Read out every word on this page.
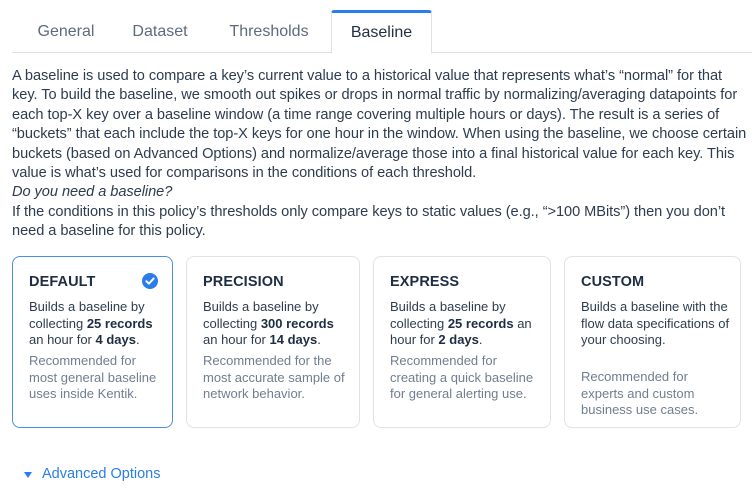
General	Dataset	Thresholds	Baseline

A baseline is used to compare a key’s current value to a historical value that represents what’s “normal” for that key. To build the baseline, we smooth out spikes or drops in normal traffic by normalizing/averaging datapoints for each top-X key over a baseline window (a time range covering multiple hours or days). The result is a series of “buckets” that each include the top-X keys for one hour in the window. When using the baseline, we choose certain buckets (based on Advanced Options) and normalize/average those into a final historical value for each key. This value is what’s used for comparisons in the conditions of each threshold.

Do you need a baseline?

If the conditions in this policy’s thresholds only compare keys to static values (e.g., “>100 MBits”) then you don’t need a baseline for this policy.

DEFAULT
Builds a baseline by collecting 25 records an hour for 4 days.
Recommended for most general baseline uses inside Kentik.
PRECISION
Builds a baseline by collecting 300 records an hour for 14 days.
Recommended for the most accurate sample of network behavior.
EXPRESS
Builds a baseline by collecting 25 records an hour for 2 days.
Recommended for creating a quick baseline for general alerting use.
CUSTOM
Builds a baseline with the flow data specifications of your choosing.
Recommended for experts and custom business use cases.
Advanced Options
